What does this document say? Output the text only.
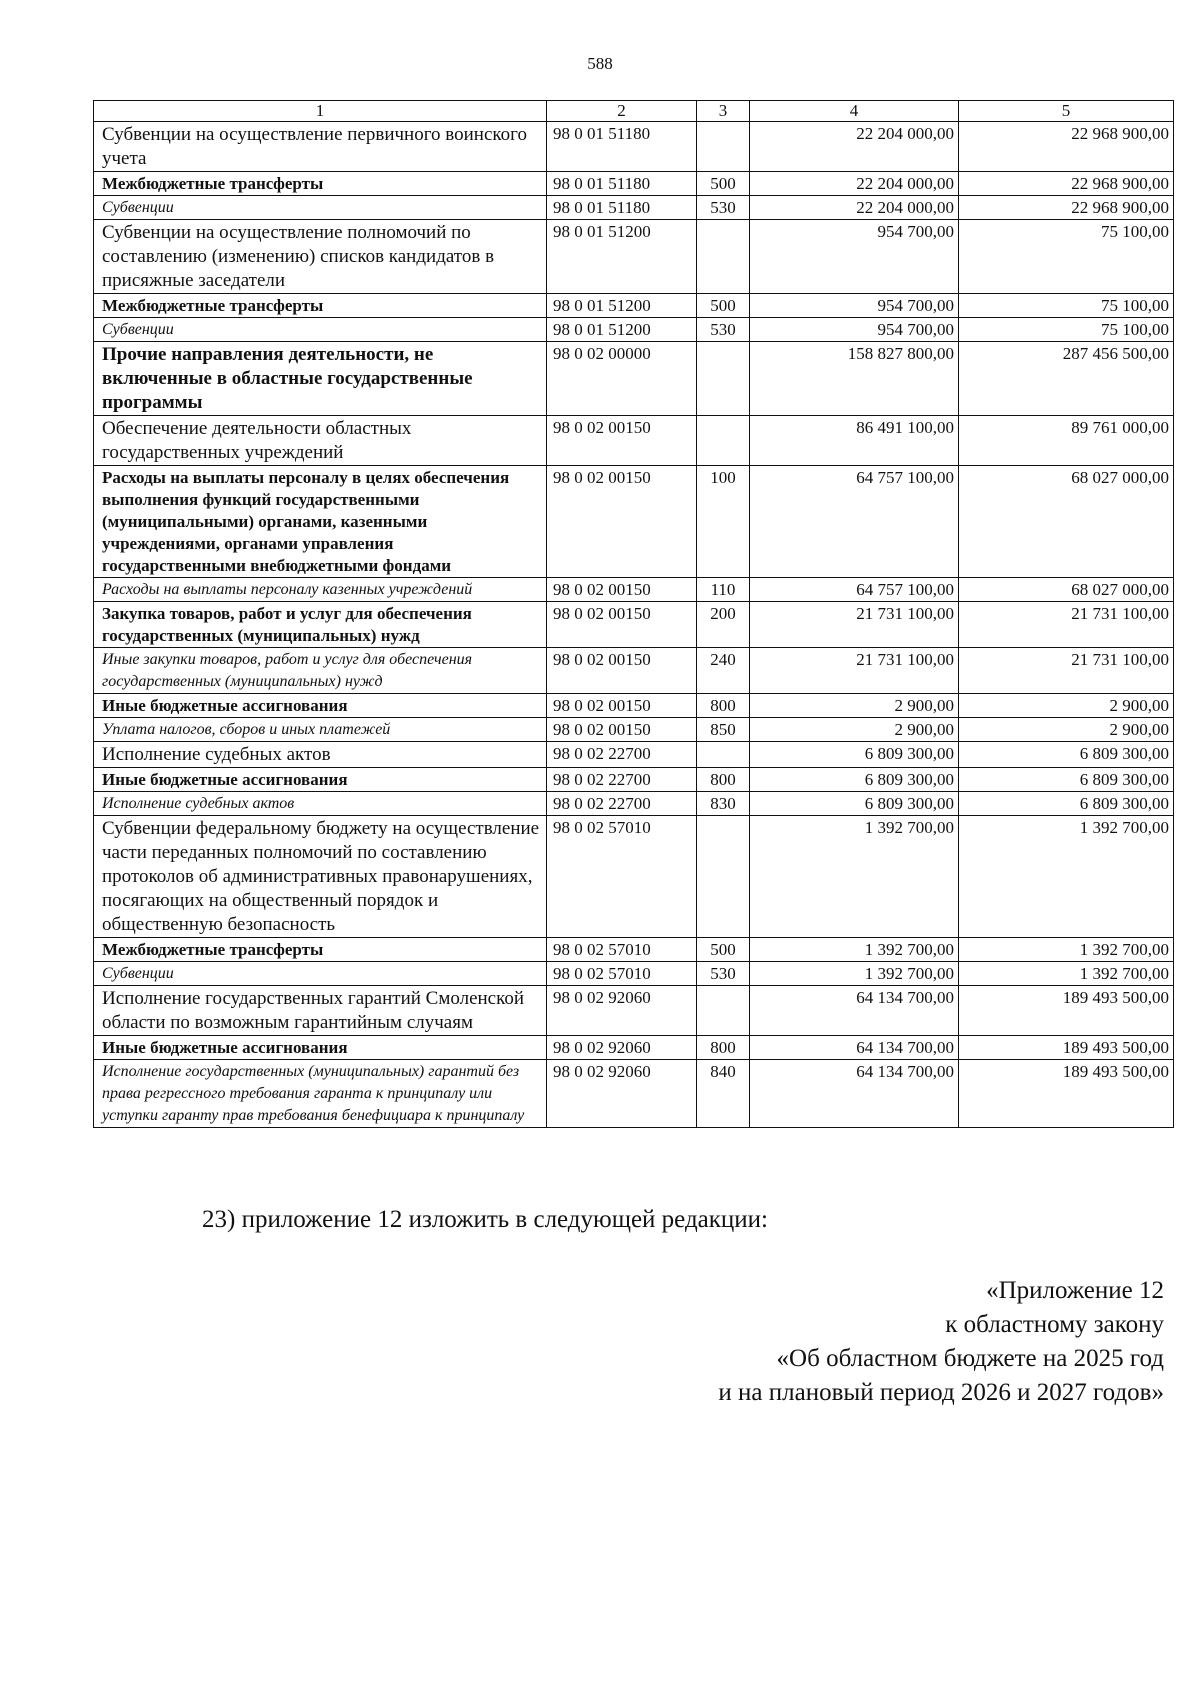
588
1	2	3	4	5
Субвенции на осуществление первичного воинского учета	98 0 01 51180		22 204 000,00	22 968 900,00
Межбюджетные трансферты	98 0 01 51180	500	22 204 000,00	22 968 900,00
Субвенции	98 0 01 51180	530	22 204 000,00	22 968 900,00
Субвенции на осуществление полномочий по составлению (изменению) списков кандидатов в присяжные заседатели	98 0 01 51200		954 700,00	75 100,00
Межбюджетные трансферты	98 0 01 51200	500	954 700,00	75 100,00
Субвенции	98 0 01 51200	530	954 700,00	75 100,00
Прочие направления деятельности, не включенные в областные государственные программы	98 0 02 00000		158 827 800,00	287 456 500,00
Обеспечение деятельности областных государственных учреждений	98 0 02 00150		86 491 100,00	89 761 000,00
Расходы на выплаты персоналу в целях обеспечения выполнения функций государственными (муниципальными) органами, казенными учреждениями, органами управления государственными внебюджетными фондами	98 0 02 00150	100	64 757 100,00	68 027 000,00
Расходы на выплаты персоналу казенных учреждений	98 0 02 00150	110	64 757 100,00	68 027 000,00
Закупка товаров, работ и услуг для обеспечения государственных (муниципальных) нужд	98 0 02 00150	200	21 731 100,00	21 731 100,00
Иные закупки товаров, работ и услуг для обеспечения государственных (муниципальных) нужд	98 0 02 00150	240	21 731 100,00	21 731 100,00
Иные бюджетные ассигнования	98 0 02 00150	800	2 900,00	2 900,00
Уплата налогов, сборов и иных платежей	98 0 02 00150	850	2 900,00	2 900,00
Исполнение судебных актов	98 0 02 22700		6 809 300,00	6 809 300,00
Иные бюджетные ассигнования	98 0 02 22700	800	6 809 300,00	6 809 300,00
Исполнение судебных актов	98 0 02 22700	830	6 809 300,00	6 809 300,00
Субвенции федеральному бюджету на осуществление части переданных полномочий по составлению протоколов об административных правонарушениях, посягающих на общественный порядок и общественную безопасность	98 0 02 57010		1 392 700,00	1 392 700,00
Межбюджетные трансферты	98 0 02 57010	500	1 392 700,00	1 392 700,00
Субвенции	98 0 02 57010	530	1 392 700,00	1 392 700,00
Исполнение государственных гарантий Смоленской области по возможным гарантийным случаям	98 0 02 92060		64 134 700,00	189 493 500,00
Иные бюджетные ассигнования	98 0 02 92060	800	64 134 700,00	189 493 500,00
Исполнение государственных (муниципальных) гарантий без права регрессного требования гаранта к принципалу или уступки гаранту прав требования бенефициара к принципалу	98 0 02 92060	840	64 134 700,00	189 493 500,00
23) приложение 12 изложить в следующей редакции:
«Приложение 12
к областному закону
«Об областном бюджете на 2025 год
и на плановый период 2026 и 2027 годов»
